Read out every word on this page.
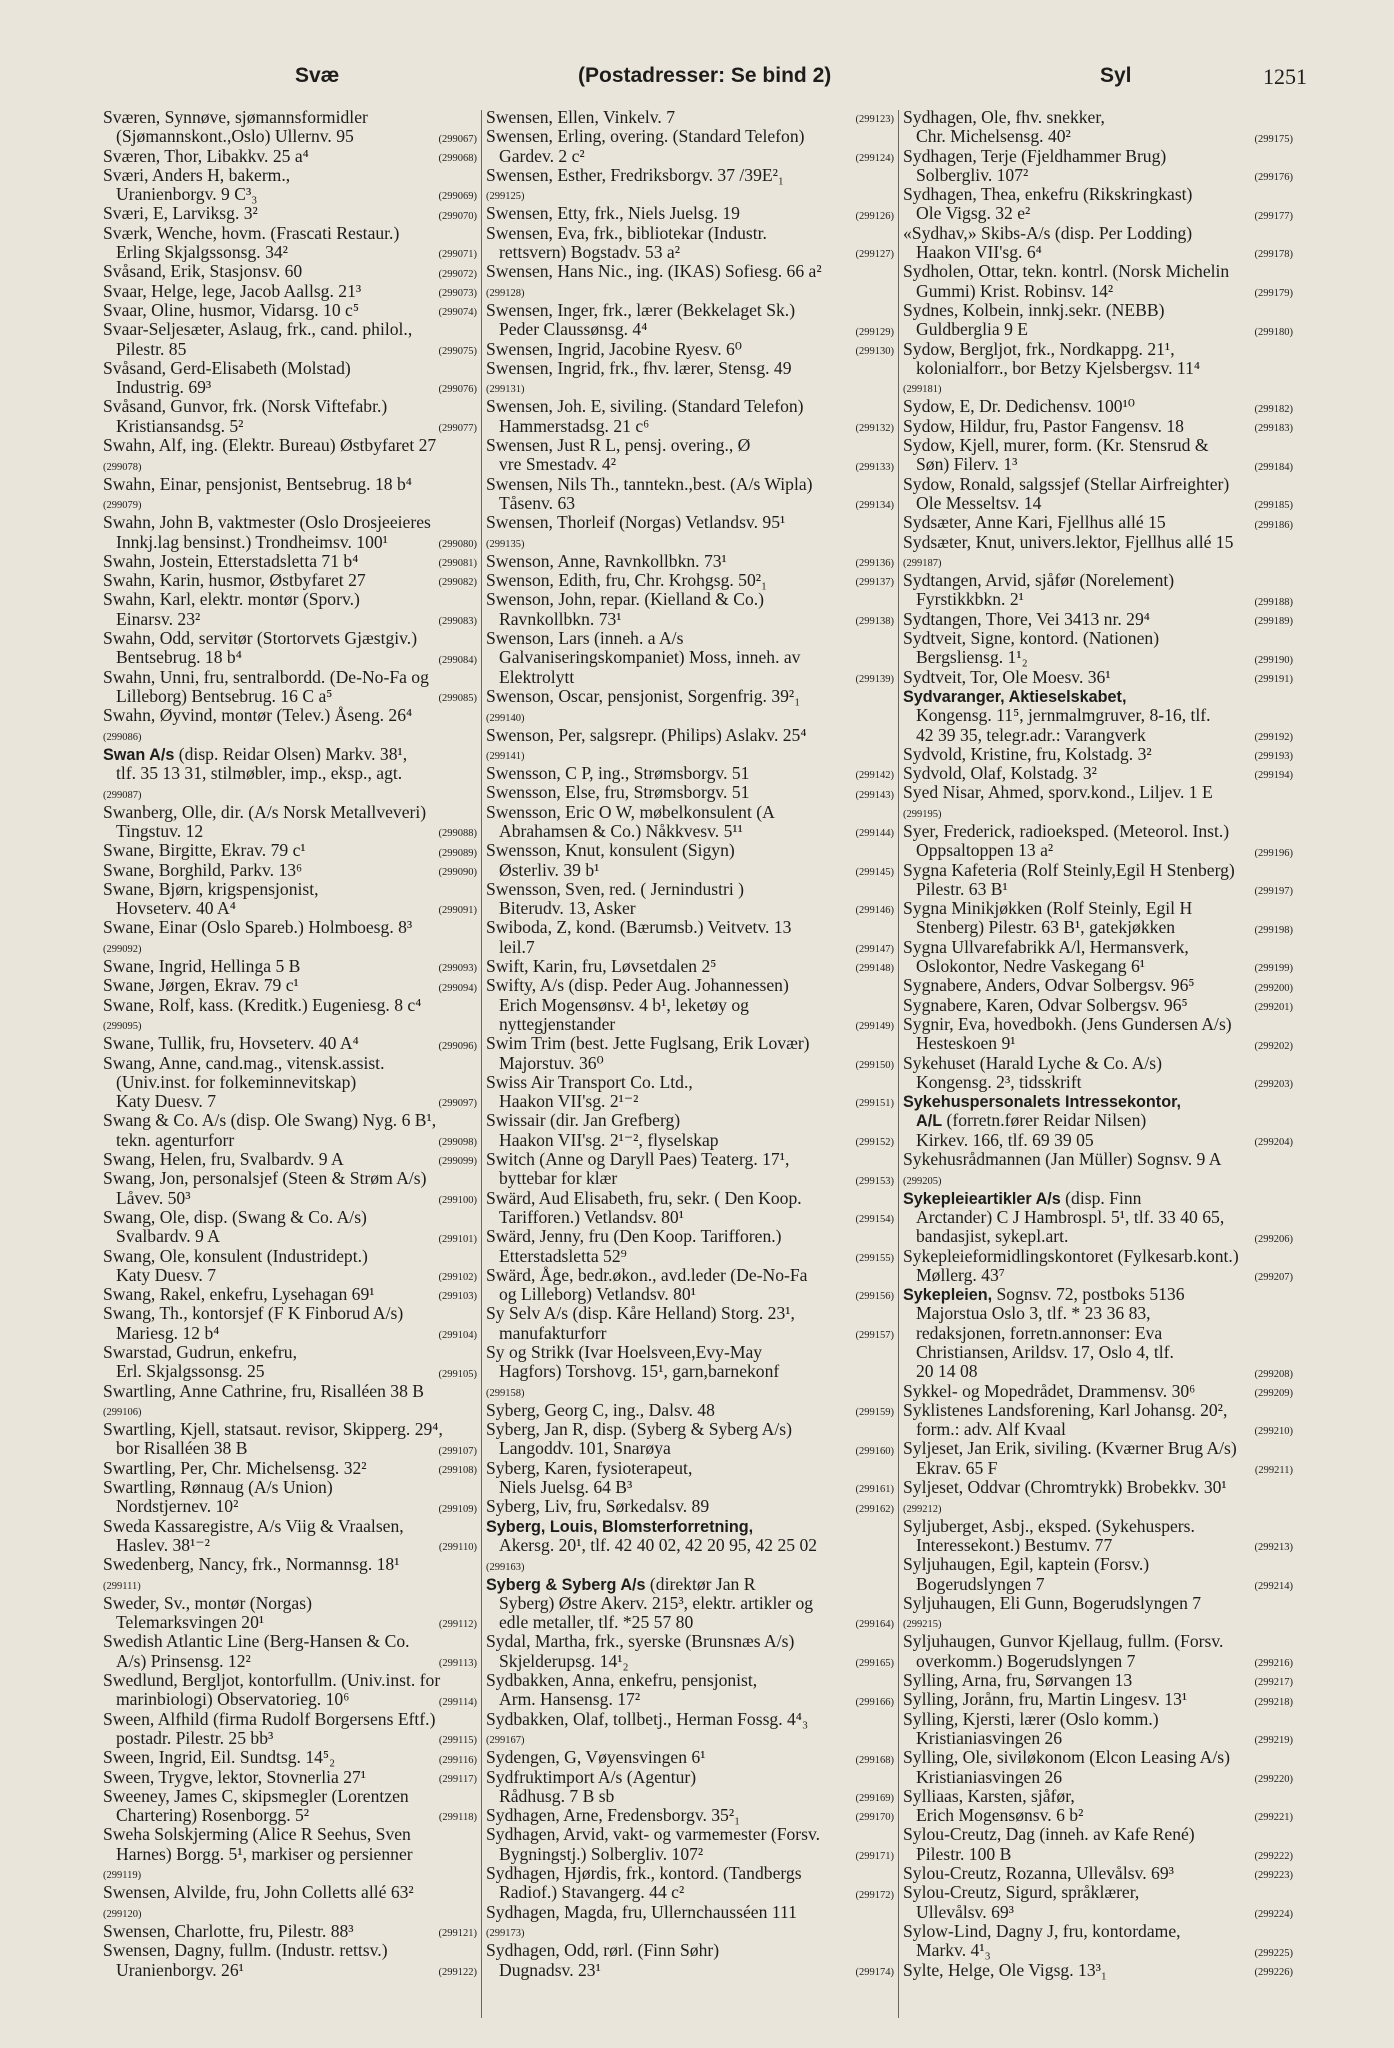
Svæ	(Postadresser: Se bind 2)	Syl	1251
Sværen, Synnøve, sjømannsformidler
(Sjømannskont.,Oslo) Ullernv. 95	(299067)
Sværen, Thor, Libakkv. 25 a⁴	(299068)
Sværi, Anders H, bakerm.,
Uranienborgv. 9 C³₃	(299069)
Sværi, E, Larviksg. 3²	(299070)
Sværk, Wenche, hovm. (Frascati Restaur.)
Erling Skjalgssonsg. 34²	(299071)
Svåsand, Erik, Stasjonsv. 60	(299072)
Svaar, Helge, lege, Jacob Aallsg. 21³	(299073)
Svaar, Oline, husmor, Vidarsg. 10 c⁵	(299074)
Svaar-Seljesæter, Aslaug, frk., cand. philol.,
Pilestr. 85	(299075)
Svåsand, Gerd-Elisabeth (Molstad)
Industrig. 69³	(299076)
Svåsand, Gunvor, frk. (Norsk Viftefabr.)
Kristiansandsg. 5²	(299077)
Swahn, Alf, ing. (Elektr. Bureau) Østbyfaret 27
(299078)
Swahn, Einar, pensjonist, Bentsebrug. 18 b⁴
(299079)
Swahn, John B, vaktmester (Oslo Drosjeeieres
Innkj.lag bensinst.) Trondheimsv. 100¹	(299080)
Swahn, Jostein, Etterstadsletta 71 b⁴	(299081)
Swahn, Karin, husmor, Østbyfaret 27	(299082)
Swahn, Karl, elektr. montør (Sporv.)
Einarsv. 23²	(299083)
Swahn, Odd, servitør (Stortorvets Gjæstgiv.)
Bentsebrug. 18 b⁴	(299084)
Swahn, Unni, fru, sentralbordd. (De-No-Fa og
Lilleborg) Bentsebrug. 16 C a⁵	(299085)
Swahn, Øyvind, montør (Telev.) Åseng. 26⁴
(299086)
Swan A/s (disp. Reidar Olsen) Markv. 38¹,
tlf. 35 13 31, stilmøbler, imp., eksp., agt.
(299087)
Swanberg, Olle, dir. (A/s Norsk Metallveveri)
Tingstuv. 12	(299088)
Swane, Birgitte, Ekrav. 79 c¹	(299089)
Swane, Borghild, Parkv. 13⁶	(299090)
Swane, Bjørn, krigspensjonist,
Hovseterv. 40 A⁴	(299091)
Swane, Einar (Oslo Spareb.) Holmboesg. 8³
(299092)
Swane, Ingrid, Hellinga 5 B	(299093)
Swane, Jørgen, Ekrav. 79 c¹	(299094)
Swane, Rolf, kass. (Kreditk.) Eugeniesg. 8 c⁴
(299095)
Swane, Tullik, fru, Hovseterv. 40 A⁴	(299096)
Swang, Anne, cand.mag., vitensk.assist.
(Univ.inst. for folkeminnevitskap)
Katy Duesv. 7	(299097)
Swang & Co. A/s (disp. Ole Swang) Nyg. 6 B¹,
tekn. agenturforr	(299098)
Swang, Helen, fru, Svalbardv. 9 A	(299099)
Swang, Jon, personalsjef (Steen & Strøm A/s)
Låvev. 50³	(299100)
Swang, Ole, disp. (Swang & Co. A/s)
Svalbardv. 9 A	(299101)
Swang, Ole, konsulent (Industridept.)
Katy Duesv. 7	(299102)
Swang, Rakel, enkefru, Lysehagan 69¹	(299103)
Swang, Th., kontorsjef (F K Finborud A/s)
Mariesg. 12 b⁴	(299104)
Swarstad, Gudrun, enkefru,
Erl. Skjalgssonsg. 25	(299105)
Swartling, Anne Cathrine, fru, Risalléen 38 B
(299106)
Swartling, Kjell, statsaut. revisor, Skipperg. 29⁴,
bor Risalléen 38 B	(299107)
Swartling, Per, Chr. Michelsensg. 32²	(299108)
Swartling, Rønnaug (A/s Union)
Nordstjernev. 10²	(299109)
Sweda Kassaregistre, A/s Viig & Vraalsen,
Haslev. 38¹⁻²	(299110)
Swedenberg, Nancy, frk., Normannsg. 18¹
(299111)
Sweder, Sv., montør (Norgas)
Telemarksvingen 20¹	(299112)
Swedish Atlantic Line (Berg-Hansen & Co.
A/s) Prinsensg. 12²	(299113)
Swedlund, Bergljot, kontorfullm. (Univ.inst. for
marinbiologi) Observatorieg. 10⁶	(299114)
Sween, Alfhild (firma Rudolf Borgersens Eftf.)
postadr. Pilestr. 25 bb³	(299115)
Sween, Ingrid, Eil. Sundtsg. 14⁵₂	(299116)
Sween, Trygve, lektor, Stovnerlia 27¹	(299117)
Sweeney, James C, skipsmegler (Lorentzen
Chartering) Rosenborgg. 5²	(299118)
Sweha Solskjerming (Alice R Seehus, Sven
Harnes) Borgg. 5¹, markiser og persienner
(299119)
Swensen, Alvilde, fru, John Colletts allé 63²
(299120)
Swensen, Charlotte, fru, Pilestr. 88³	(299121)
Swensen, Dagny, fullm. (Industr. rettsv.)
Uranienborgv. 26¹	(299122)
Swensen, Ellen, Vinkelv. 7	(299123)
Swensen, Erling, overing. (Standard Telefon)
Gardev. 2 c²	(299124)
Swensen, Esther, Fredriksborgv. 37 /39E²₁
(299125)
Swensen, Etty, frk., Niels Juelsg. 19	(299126)
Swensen, Eva, frk., bibliotekar (Industr.
rettsvern) Bogstadv. 53 a²	(299127)
Swensen, Hans Nic., ing. (IKAS) Sofiesg. 66 a²
(299128)
Swensen, Inger, frk., lærer (Bekkelaget Sk.)
Peder Claussønsg. 4⁴	(299129)
Swensen, Ingrid, Jacobine Ryesv. 6⁰	(299130)
Swensen, Ingrid, frk., fhv. lærer, Stensg. 49
(299131)
Swensen, Joh. E, siviling. (Standard Telefon)
Hammerstadsg. 21 c⁶	(299132)
Swensen, Just R L, pensj. overing., Ø
vre Smestadv. 4²	(299133)
Swensen, Nils Th., tanntekn.,best. (A/s Wipla)
Tåsenv. 63	(299134)
Swensen, Thorleif (Norgas) Vetlandsv. 95¹
(299135)
Swenson, Anne, Ravnkollbkn. 73¹	(299136)
Swenson, Edith, fru, Chr. Krohgsg. 50²₁	(299137)
Swenson, John, repar. (Kielland & Co.)
Ravnkollbkn. 73¹	(299138)
Swenson, Lars (inneh. a A/s
Galvaniseringskompaniet) Moss, inneh. av
Elektrolytt	(299139)
Swenson, Oscar, pensjonist, Sorgenfrig. 39²₁
(299140)
Swenson, Per, salgsrepr. (Philips) Aslakv. 25⁴
(299141)
Swensson, C P, ing., Strømsborgv. 51	(299142)
Swensson, Else, fru, Strømsborgv. 51	(299143)
Swensson, Eric O W, møbelkonsulent (A
Abrahamsen & Co.) Nåkkvesv. 5¹¹	(299144)
Swensson, Knut, konsulent (Sigyn)
Østerliv. 39 b¹	(299145)
Swensson, Sven, red. ( Jernindustri )
Biterudv. 13, Asker	(299146)
Swiboda, Z, kond. (Bærumsb.) Veitvetv. 13
leil.7	(299147)
Swift, Karin, fru, Løvsetdalen 2⁵	(299148)
Swifty, A/s (disp. Peder Aug. Johannessen)
Erich Mogensønsv. 4 b¹, leketøy og
nyttegjenstander	(299149)
Swim Trim (best. Jette Fuglsang, Erik Lovær)
Majorstuv. 36⁰	(299150)
Swiss Air Transport Co. Ltd.,
Haakon VII'sg. 2¹⁻²	(299151)
Swissair (dir. Jan Grefberg)
Haakon VII'sg. 2¹⁻², flyselskap	(299152)
Switch (Anne og Daryll Paes) Teaterg. 17¹,
byttebar for klær	(299153)
Swärd, Aud Elisabeth, fru, sekr. ( Den Koop.
Tarifforen.) Vetlandsv. 80¹	(299154)
Swärd, Jenny, fru (Den Koop. Tarifforen.)
Etterstadsletta 52⁹	(299155)
Swärd, Åge, bedr.økon., avd.leder (De-No-Fa
og Lilleborg) Vetlandsv. 80¹	(299156)
Sy Selv A/s (disp. Kåre Helland) Storg. 23¹,
manufakturforr	(299157)
Sy og Strikk (Ivar Hoelsveen,Evy-May
Hagfors) Torshovg. 15¹, garn,barnekonf
(299158)
Syberg, Georg C, ing., Dalsv. 48	(299159)
Syberg, Jan R, disp. (Syberg & Syberg A/s)
Langoddv. 101, Snarøya	(299160)
Syberg, Karen, fysioterapeut,
Niels Juelsg. 64 B³	(299161)
Syberg, Liv, fru, Sørkedalsv. 89	(299162)
Syberg, Louis, Blomsterforretning,
Akersg. 20¹, tlf. 42 40 02, 42 20 95, 42 25 02
(299163)
Syberg & Syberg A/s (direktør Jan R
Syberg) Østre Akerv. 215³, elektr. artikler og
edle metaller, tlf. *25 57 80	(299164)
Sydal, Martha, frk., syerske (Brunsnæs A/s)
Skjelderupsg. 14¹₂	(299165)
Sydbakken, Anna, enkefru, pensjonist,
Arm. Hansensg. 17²	(299166)
Sydbakken, Olaf, tollbetj., Herman Fossg. 4⁴₃
(299167)
Sydengen, G, Vøyensvingen 6¹	(299168)
Sydfruktimport A/s (Agentur)
Rådhusg. 7 B sb	(299169)
Sydhagen, Arne, Fredensborgv. 35²₁	(299170)
Sydhagen, Arvid, vakt- og varmemester (Forsv.
Bygningstj.) Solbergliv. 107²	(299171)
Sydhagen, Hjørdis, frk., kontord. (Tandbergs
Radiof.) Stavangerg. 44 c²	(299172)
Sydhagen, Magda, fru, Ullernchausséen 111
(299173)
Sydhagen, Odd, rørl. (Finn Søhr)
Dugnadsv. 23¹	(299174)
Sydhagen, Ole, fhv. snekker,
Chr. Michelsensg. 40²	(299175)
Sydhagen, Terje (Fjeldhammer Brug)
Solbergliv. 107²	(299176)
Sydhagen, Thea, enkefru (Rikskringkast)
Ole Vigsg. 32 e²	(299177)
«Sydhav,» Skibs-A/s (disp. Per Lodding)
Haakon VII'sg. 6⁴	(299178)
Sydholen, Ottar, tekn. kontrl. (Norsk Michelin
Gummi) Krist. Robinsv. 14²	(299179)
Sydnes, Kolbein, innkj.sekr. (NEBB)
Guldberglia 9 E	(299180)
Sydow, Bergljot, frk., Nordkappg. 21¹,
kolonialforr., bor Betzy Kjelsbergsv. 11⁴
(299181)
Sydow, E, Dr. Dedichensv. 100¹⁰	(299182)
Sydow, Hildur, fru, Pastor Fangensv. 18	(299183)
Sydow, Kjell, murer, form. (Kr. Stensrud &
Søn) Filerv. 1³	(299184)
Sydow, Ronald, salgssjef (Stellar Airfreighter)
Ole Messeltsv. 14	(299185)
Sydsæter, Anne Kari, Fjellhus allé 15	(299186)
Sydsæter, Knut, univers.lektor, Fjellhus allé 15
(299187)
Sydtangen, Arvid, sjåfør (Norelement)
Fyrstikkbkn. 2¹	(299188)
Sydtangen, Thore, Vei 3413 nr. 29⁴	(299189)
Sydtveit, Signe, kontord. (Nationen)
Bergsliensg. 1¹₂	(299190)
Sydtveit, Tor, Ole Moesv. 36¹	(299191)
Sydvaranger, Aktieselskabet,
Kongensg. 11⁵, jernmalmgruver, 8-16, tlf.
42 39 35, telegr.adr.: Varangverk	(299192)
Sydvold, Kristine, fru, Kolstadg. 3²	(299193)
Sydvold, Olaf, Kolstadg. 3²	(299194)
Syed Nisar, Ahmed, sporv.kond., Liljev. 1 E
(299195)
Syer, Frederick, radioeksped. (Meteorol. Inst.)
Oppsaltoppen 13 a²	(299196)
Sygna Kafeteria (Rolf Steinly,Egil H Stenberg)
Pilestr. 63 B¹	(299197)
Sygna Minikjøkken (Rolf Steinly, Egil H
Stenberg) Pilestr. 63 B¹, gatekjøkken	(299198)
Sygna Ullvarefabrikk A/l, Hermansverk,
Oslokontor, Nedre Vaskegang 6¹	(299199)
Sygnabere, Anders, Odvar Solbergsv. 96⁵	(299200)
Sygnabere, Karen, Odvar Solbergsv. 96⁵	(299201)
Sygnir, Eva, hovedbokh. (Jens Gundersen A/s)
Hesteskoen 9¹	(299202)
Sykehuset (Harald Lyche & Co. A/s)
Kongensg. 2³, tidsskrift	(299203)
Sykehuspersonalets Intressekontor,
A/L (forretn.fører Reidar Nilsen)
Kirkev. 166, tlf. 69 39 05	(299204)
Sykehusrådmannen (Jan Müller) Sognsv. 9 A
(299205)
Sykepleieartikler A/s (disp. Finn
Arctander) C J Hambrospl. 5¹, tlf. 33 40 65,
bandasjist, sykepl.art.	(299206)
Sykepleieformidlingskontoret (Fylkesarb.kont.)
Møllerg. 43⁷	(299207)
Sykepleien, Sognsv. 72, postboks 5136
Majorstua Oslo 3, tlf. * 23 36 83,
redaksjonen, forretn.annonser: Eva
Christiansen, Arildsv. 17, Oslo 4, tlf.
20 14 08	(299208)
Sykkel- og Mopedrådet, Drammensv. 30⁶	(299209)
Syklistenes Landsforening, Karl Johansg. 20²,
form.: adv. Alf Kvaal	(299210)
Syljeset, Jan Erik, siviling. (Kværner Brug A/s)
Ekrav. 65 F	(299211)
Syljeset, Oddvar (Chromtrykk) Brobekkv. 30¹
(299212)
Syljuberget, Asbj., eksped. (Sykehuspers.
Interessekont.) Bestumv. 77	(299213)
Syljuhaugen, Egil, kaptein (Forsv.)
Bogerudslyngen 7	(299214)
Syljuhaugen, Eli Gunn, Bogerudslyngen 7
(299215)
Syljuhaugen, Gunvor Kjellaug, fullm. (Forsv.
overkomm.) Bogerudslyngen 7	(299216)
Sylling, Arna, fru, Sørvangen 13	(299217)
Sylling, Jorånn, fru, Martin Lingesv. 13¹	(299218)
Sylling, Kjersti, lærer (Oslo komm.)
Kristianiasvingen 26	(299219)
Sylling, Ole, siviløkonom (Elcon Leasing A/s)
Kristianiasvingen 26	(299220)
Sylliaas, Karsten, sjåfør,
Erich Mogensønsv. 6 b²	(299221)
Sylou-Creutz, Dag (inneh. av Kafe René)
Pilestr. 100 B	(299222)
Sylou-Creutz, Rozanna, Ullevålsv. 69³	(299223)
Sylou-Creutz, Sigurd, språklærer,
Ullevålsv. 69³	(299224)
Sylow-Lind, Dagny J, fru, kontordame,
Markv. 4¹₃	(299225)
Sylte, Helge, Ole Vigsg. 13³₁	(299226)
